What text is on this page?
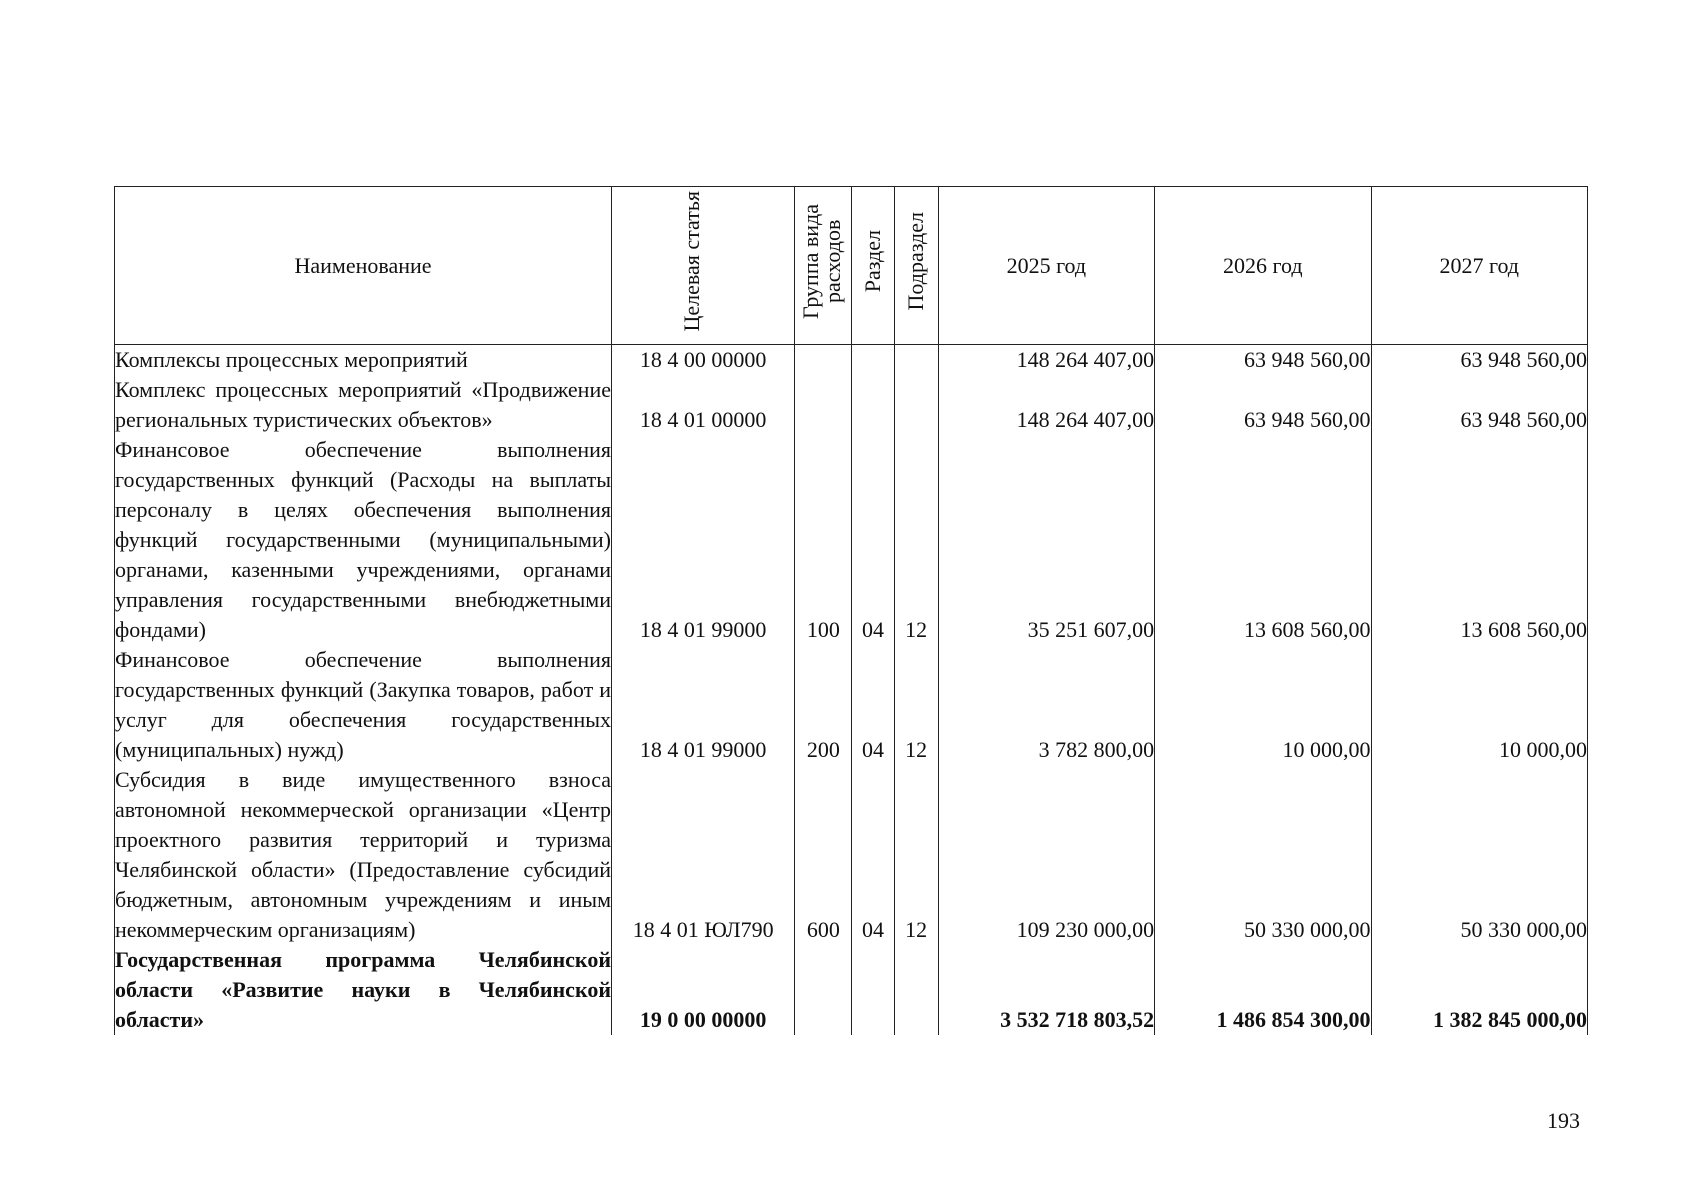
Наименование	Целевая статья	Группа вида расходов	Раздел	Подраздел	2025 год	2026 год	2027 год
Комплексы процессных мероприятий	18 4 00 00000				148 264 407,00	63 948 560,00	63 948 560,00
Комплекс процессных мероприятий «Продвижение региональных туристических объектов»	18 4 01 00000				148 264 407,00	63 948 560,00	63 948 560,00
Финансовое обеспечение выполнения государственных функций (Расходы на выплаты персоналу в целях обеспечения выполнения функций государственными (муниципальными) органами, казенными учреждениями, органами управления государственными внебюджетными фондами)	18 4 01 99000	100	04	12	35 251 607,00	13 608 560,00	13 608 560,00
Финансовое обеспечение выполнения государственных функций (Закупка товаров, работ и услуг для обеспечения государственных (муниципальных) нужд)	18 4 01 99000	200	04	12	3 782 800,00	10 000,00	10 000,00
Субсидия в виде имущественного взноса автономной некоммерческой организации «Центр проектного развития территорий и туризма Челябинской области» (Предоставление субсидий бюджетным, автономным учреждениям и иным некоммерческим организациям)	18 4 01 ЮЛ790	600	04	12	109 230 000,00	50 330 000,00	50 330 000,00
Государственная программа Челябинской области «Развитие науки в Челябинской области»	19 0 00 00000				3 532 718 803,52	1 486 854 300,00	1 382 845 000,00
193
